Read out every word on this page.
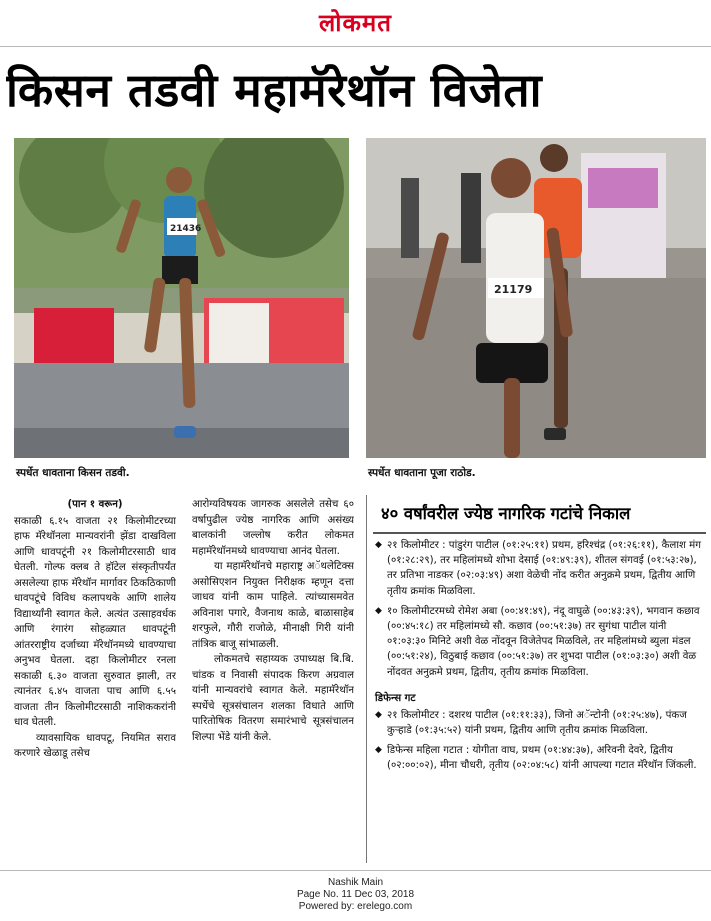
लोकमत
किसन तडवी महामॅरेथॉन विजेता
21436
स्पर्धेत धावताना किसन तडवी.
21179
स्पर्धेत धावताना पूजा राठोड.

(पान १ वरून)

सकाळी ६.१५ वाजता २१ किलोमीटरच्या हाफ मॅरेथॉनला मान्यवरांनी झेंडा दाखविला आणि धावपटूंनी २१ किलोमीटरसाठी धाव घेतली. गोल्फ क्लब ते हॉटेल संस्कृतीपर्यंत असलेल्या हाफ मॅरेथॉन मार्गावर ठिकठिकाणी धावपटूंचे विविध कलापथके आणि शालेय विद्यार्थ्यांनी स्वागत केले. अत्यंत उत्साहवर्धक आणि रंगारंग सोहळ्यात धावपटूंनी आंतरराष्ट्रीय दर्जाच्या मॅरेथॉनमध्ये धावण्याचा अनुभव घेतला. दहा किलोमीटर रनला सकाळी ६.३० वाजता सुरुवात झाली, तर त्यानंतर ६.४५ वाजता पाच आणि ६.५५ वाजता तीन किलोमीटरसाठी नाशिककरांनी धाव घेतली.

व्यावसायिक धावपटू, नियमित सराव करणारे खेळाडू तसेच

आरोग्यविषयक जागरुक असलेले तसेच ६० वर्षापुढील ज्येष्ठ नागरिक आणि असंख्य बालकांनी जल्लोष करीत लोकमत महामॅरेथॉनमध्ये धावण्याचा आनंद घेतला.

या महामॅरेथॉनचे महाराष्ट्र अॅथलेटिक्स असोसिएशन नियुक्त निरीक्षक म्हणून दत्ता जाधव यांनी काम पाहिले. त्यांच्यासमवेत अविनाश पगारे, वैजनाथ काळे, बाळासाहेब शरफुले, गौरी राजोळे, मीनाक्षी गिरी यांनी तांत्रिक बाजू सांभाळली.

लोकमतचे सहाय्यक उपाध्यक्ष बि.बि. चांडक व निवासी संपादक किरण अग्रवाल यांनी मान्यवरांचे स्वागत केले. महामॅरेथॉन स्पर्धेचे सूत्रसंचालन शलका विधाते आणि पारितोषिक वितरण समारंभाचे सूत्रसंचालन शिल्पा भेंडे यांनी केले.

४० वर्षांवरील ज्येष्ठ नागरिक गटांचे निकाल
◆ २१ किलोमीटर : पांडुरंग पाटील (०१:२५:११) प्रथम, हरिश्चंद्र (०१:२६:११), कैलाश मंग (०१:२८:२९), तर महिलांमध्ये शोभा देसाई (०१:४९:३९), शीतल संगवई (०१:५३:२७), तर प्रतिभा नाडकर (०२:०३:४९) अशा वेळेची नोंद करीत अनुक्रमे प्रथम, द्वितीय आणि तृतीय क्रमांक मिळविला.
◆ १० किलोमीटरमध्ये रोमेश अबा (००:४१:४९), नंदू वाघुळे (००:४३:३९), भगवान कछाव (००:४५:१८) तर महिलांमध्ये सौ. कछाव (००:५१:३७) तर सुगंधा पाटील यांनी ०१:०३:३० मिनिटे अशी वेळ नोंदवून विजेतेपद मिळविले, तर महिलांमध्ये ब्युला मंडल (००:५१:२४), विठुबाई कछाव (००:५१:३७) तर शुभदा पाटील (०१:०३:३०) अशी वेळ नोंदवत अनुक्रमे प्रथम, द्वितीय, तृतीय क्रमांक मिळविला.
डिफेन्स गट
◆ २१ किलोमीटर : दशरथ पाटील (०१:११:३३), जिनो अॅन्टोनी (०१:२५:४७), पंकज कुऱ्हाडे (०१:३५:५२) यांनी प्रथम, द्वितीय आणि तृतीय क्रमांक मिळविला.
◆ डिफेन्स महिला गटात : योगीता वाघ, प्रथम (०१:४४:३७), अरिवनी देवरे, द्वितीय (०२:००:०२), मीना चौधरी, तृतीय (०२:०४:५८) यांनी आपल्या गटात मॅरेथॉन जिंकली.
Nashik Main
Page No. 11 Dec 03, 2018
Powered by: erelego.com
